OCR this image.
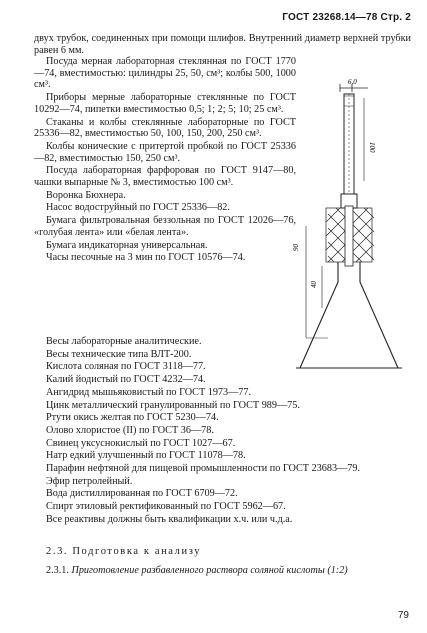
ГОСТ 23268.14—78 Стр. 2

двух трубок, соединенных при помощи шлифов. Внутренний диаметр верхней трубки равен 6 мм.

Посуда мерная лабораторная стеклянная по ГОСТ 1770—74, вместимостью: цилиндры 25, 50, см³; колбы 500, 1000 см³.

Приборы мерные лабораторные стеклянные по ГОСТ 10292—74, пипетки вместимостью 0,5; 1; 2; 5; 10; 25 см³.

Стаканы и колбы стеклянные лабораторные по ГОСТ 25336—82, вместимостью 50, 100, 150, 200, 250 см³.

Колбы конические с притертой пробкой по ГОСТ 25336—82, вместимостью 150, 250 см³.

Посуда лабораторная фарфоровая по ГОСТ 9147—80, чашки выпарные № 3, вместимостью 100 см³.

Воронка Бюхнера.

Насос водоструйный по ГОСТ 25336—82.

Бумага фильтровальная беззольная по ГОСТ 12026—76, «голубая лента» или «белая лента».

Бумага индикаторная универсальная.

Часы песочные на 3 мин по ГОСТ 10576—74.

6,0
100
90
40

Весы лабораторные аналитические.

Весы технические типа ВЛТ-200.

Кислота соляная по ГОСТ 3118—77.

Калий йодистый по ГОСТ 4232—74.

Ангидрид мышьяковистый по ГОСТ 1973—77.

Цинк металлический гранулированный по ГОСТ 989—75.

Ртути окись желтая по ГОСТ 5230—74.

Олово хлористое (II) по ГОСТ 36—78.

Свинец уксуснокислый по ГОСТ 1027—67.

Натр едкий улучшенный по ГОСТ 11078—78.

Парафин нефтяной для пищевой промышленности по ГОСТ 23683—79.

Эфир петролейный.

Вода дистиллированная по ГОСТ 6709—72.

Спирт этиловый ректификованный по ГОСТ 5962—67.

Все реактивы должны быть квалификации х.ч. или ч.д.а.

2.3. Подготовка к анализу

2.3.1. Приготовление разбавленного раствора соляной кислоты (1:2)

79
